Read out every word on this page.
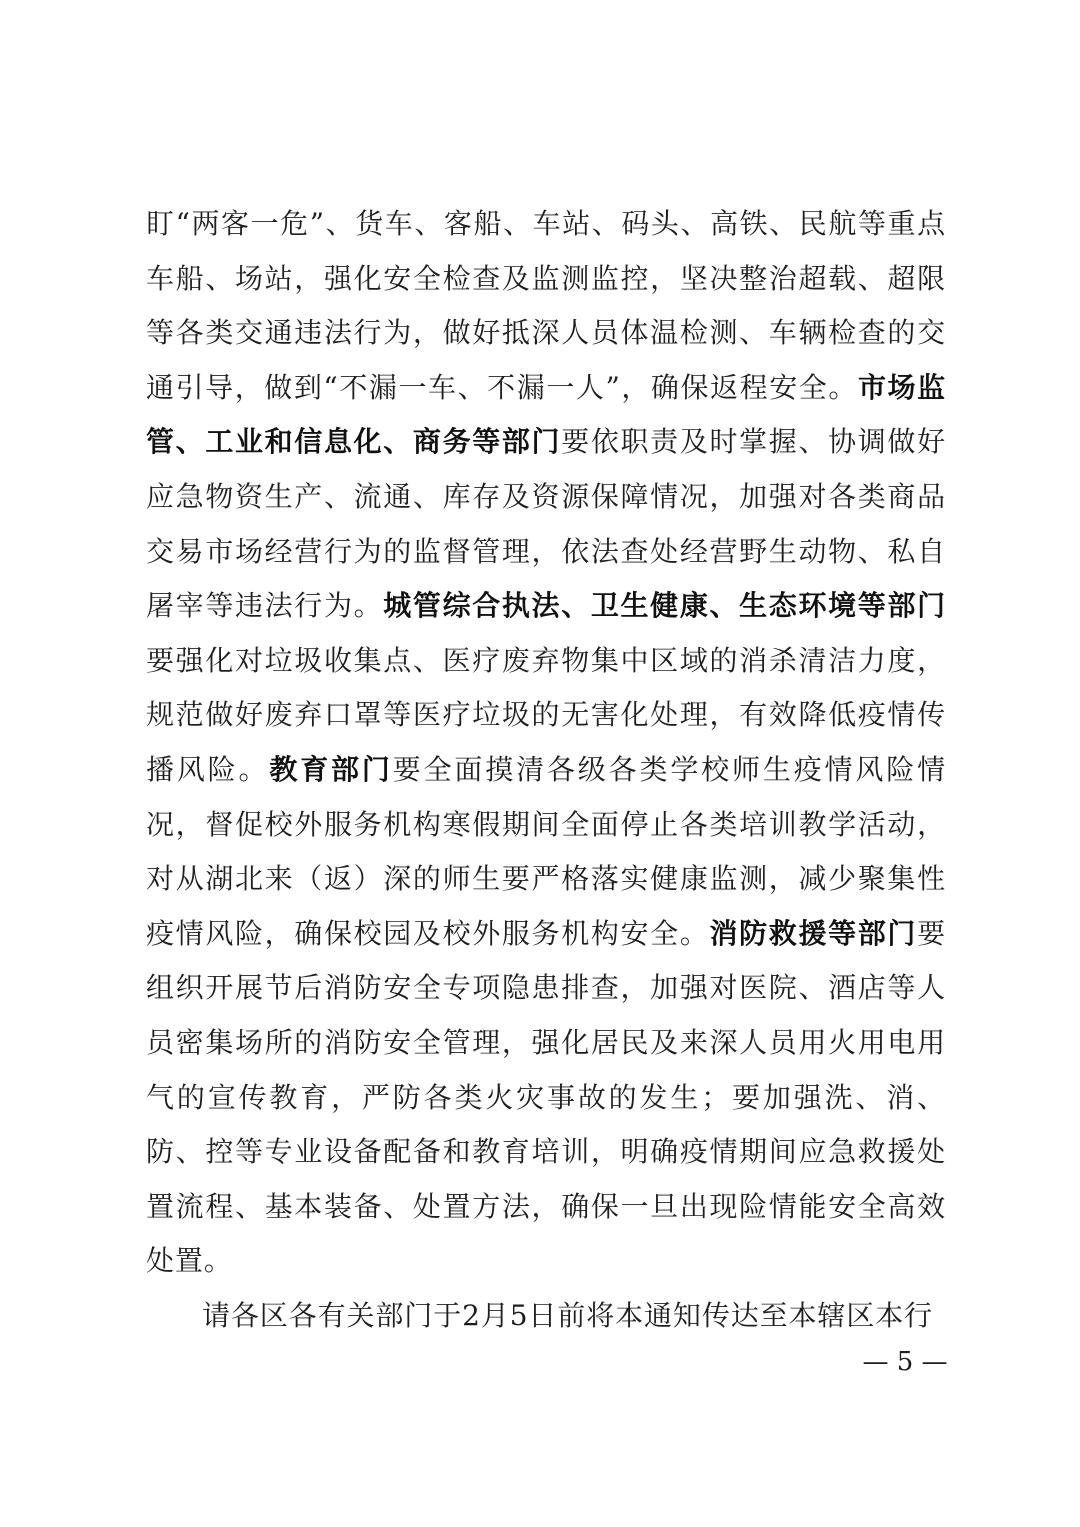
盯“两客一危”、货车、客船、车站、码头、高铁、民航等重点车船、场站，强化安全检查及监测监控，坚决整治超载、超限等各类交通违法行为，做好抵深人员体温检测、车辆检查的交通引导，做到“不漏一车、不漏一人”，确保返程安全。市场监管、工业和信息化、商务等部门要依职责及时掌握、协调做好应急物资生产、流通、库存及资源保障情况，加强对各类商品交易市场经营行为的监督管理，依法查处经营野生动物、私自屠宰等违法行为。城管综合执法、卫生健康、生态环境等部门要强化对垃圾收集点、医疗废弃物集中区域的消杀清洁力度，规范做好废弃口罩等医疗垃圾的无害化处理，有效降低疫情传播风险。教育部门要全面摸清各级各类学校师生疫情风险情况，督促校外服务机构寒假期间全面停止各类培训教学活动，对从湖北来（返）深的师生要严格落实健康监测，减少聚集性疫情风险，确保校园及校外服务机构安全。消防救援等部门要组织开展节后消防安全专项隐患排查，加强对医院、酒店等人员密集场所的消防安全管理，强化居民及来深人员用火用电用气的宣传教育，严防各类火灾事故的发生；要加强洗、消、防、控等专业设备配备和教育培训，明确疫情期间应急救援处置流程、基本装备、处置方法，确保一旦出现险情能安全高效处置。

请各区各有关部门于2月5日前将本通知传达至本辖区本行

— 5 —
